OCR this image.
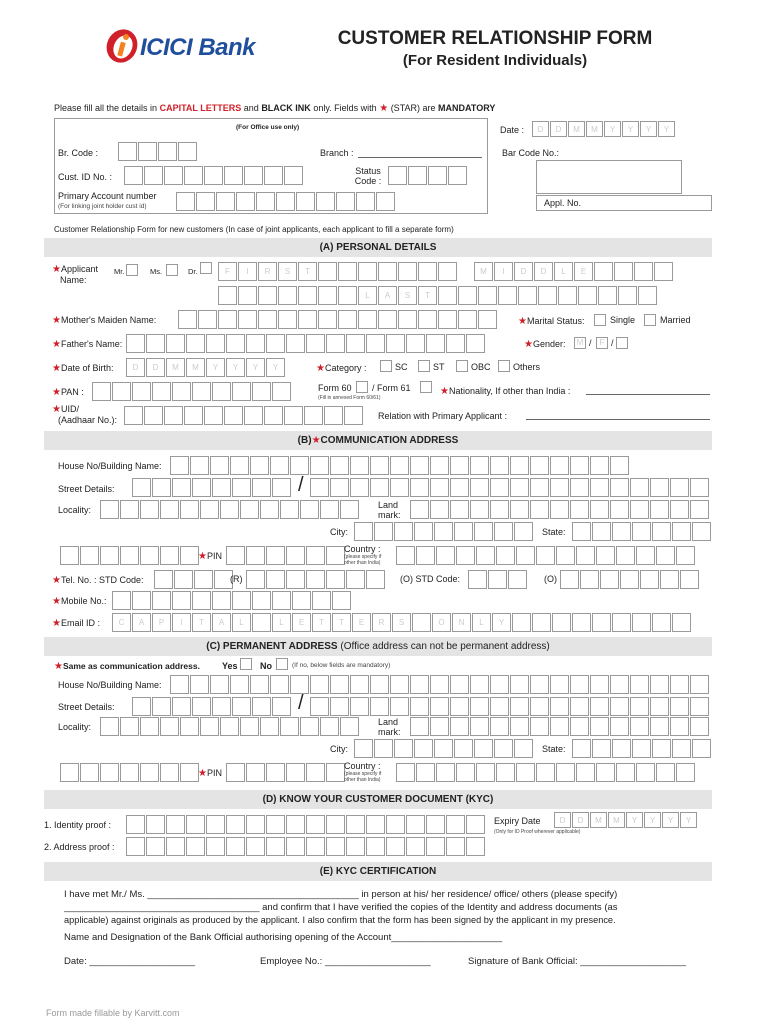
ICICI Bank	CUSTOMER RELATIONSHIP FORM
(For Resident Individuals)
Please fill all the details in CAPITAL LETTERS and BLACK INK only. Fields with ★ (STAR) are MANDATORY
(For Office use only)	Date :	D	D	M	M	Y	Y	Y	Y
Br. Code :	Branch :	Bar Code No.:
Cust. ID No. :
Status Code :
Primary Account number
(For linking joint holder cust id)	Appl. No.
Customer Relationship Form for new customers (In case of joint applicants, each applicant to fill a separate form)
(A) PERSONAL DETAILS
★Applicant
Name:
Mr.	Ms.	Dr.	F	I	R	S	T	M	I	D	D	L	E
L	A	S	T
★Mother's Maiden Name:	★Marital Status:	Single	Married
★Father's Name:	★Gender:	M /	F /
★Date of Birth:	D	D	M	M	Y	Y	Y	Y	★Category :	SC	ST	OBC Others
★PAN :	Form 60 / Form 61
(Fill in annexed Form 60/61)
★Nationality, If other than India :
★UID/
(Aadhaar No.):	Relation with Primary Applicant :
(B) ★ COMMUNICATION ADDRESS
House No/Building Name:
Street Details:	/
Locality:	Land mark:
City:	State:
★PIN
Country :
(please specify if other than India)
★Tel. No. : STD Code:	(R)	(O) STD Code:	(O)
★Mobile No.:
★Email ID :	C	A	P	I	T	A	L	L	E	T	T	E	R	S	O	N	L	Y
(C) PERMANENT ADDRESS
(Office address can not be permanent address)
★Same as communication address. Yes No	(If no, below fields are mandatory)
House No/Building Name:
Street Details:	/
Locality:	Land mark:
City:	State:
★PIN
Country :
(please specify if other than India)
(D) KNOW YOUR CUSTOMER DOCUMENT (KYC)
1. Identity proof :	Expiry Date
(Only for ID Proof wherever applicable)
D	D	M	M	Y	Y	Y	Y
2. Address proof :
(E) KYC CERTIFICATION
I have met Mr./ Ms. ________________________________________ in person at his/ her residence/ office/ others (please specify)
_____________________________________ and confirm that I have verified the copies of the Identity and address documents (as
applicable) against originals as produced by the applicant. I also confirm that the form has been signed by the applicant in my presence.
Name and Designation of the Bank Official authorising opening of the Account_____________________
Date: ____________________	Employee No.: ____________________	Signature of Bank Official: ____________________
Form made fillable by Karvitt.com
